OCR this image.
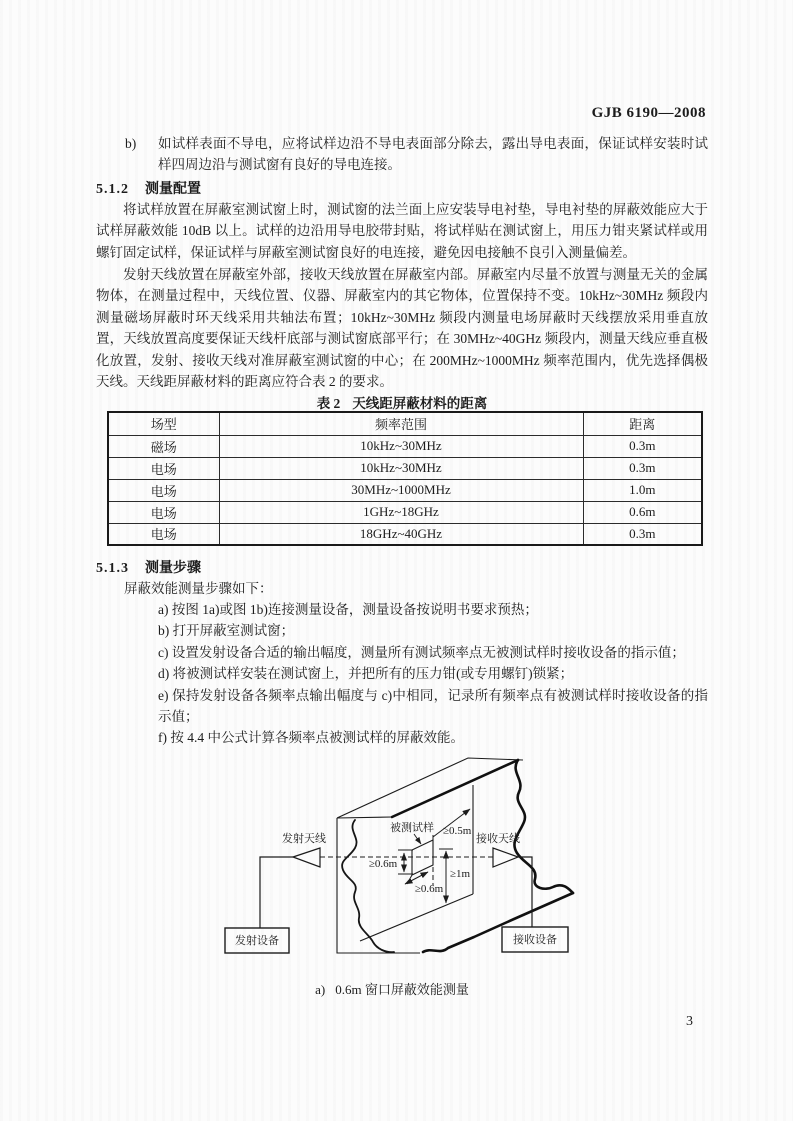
GJB 6190—2008
b) 如试样表面不导电，应将试样边沿不导电表面部分除去，露出导电表面，保证试样安装时试样四周边沿与测试窗有良好的导电连接。
5.1.2 测量配置
将试样放置在屏蔽室测试窗上时，测试窗的法兰面上应安装导电衬垫，导电衬垫的屏蔽效能应大于试样屏蔽效能 10dB 以上。试样的边沿用导电胶带封贴，将试样贴在测试窗上，用压力钳夹紧试样或用螺钉固定试样，保证试样与屏蔽室测试窗良好的电连接，避免因电接触不良引入测量偏差。
发射天线放置在屏蔽室外部，接收天线放置在屏蔽室内部。屏蔽室内尽量不放置与测量无关的金属物体，在测量过程中，天线位置、仪器、屏蔽室内的其它物体，位置保持不变。10kHz~30MHz 频段内测量磁场屏蔽时环天线采用共轴法布置；10kHz~30MHz 频段内测量电场屏蔽时天线摆放采用垂直放置，天线放置高度要保证天线杆底部与测试窗底部平行；在 30MHz~40GHz 频段内，测量天线应垂直极化放置，发射、接收天线对准屏蔽室测试窗的中心；在 200MHz~1000MHz 频率范围内，优先选择偶极天线。天线距屏蔽材料的距离应符合表 2 的要求。
表 2 天线距屏蔽材料的距离
场型	频率范围	距离
磁场	10kHz~30MHz	0.3m
电场	10kHz~30MHz	0.3m
电场	30MHz~1000MHz	1.0m
电场	1GHz~18GHz	0.6m
电场	18GHz~40GHz	0.3m
5.1.3 测量步骤
屏蔽效能测量步骤如下：
a) 按图 1a)或图 1b)连接测量设备，测量设备按说明书要求预热；
b) 打开屏蔽室测试窗；
c) 设置发射设备合适的输出幅度，测量所有测试频率点无被测试样时接收设备的指示值；
d) 将被测试样安装在测试窗上，并把所有的压力钳(或专用螺钉)锁紧；
e) 保持发射设备各频率点输出幅度与 c)中相同，记录所有频率点有被测试样时接收设备的指示值；
f) 按 4.4 中公式计算各频率点被测试样的屏蔽效能。
发射天线	接收天线
被测试样 ≥0.5m
≥0.6m
≥0.6m
≥1m
发射设备	接收设备
a) 0.6m 窗口屏蔽效能测量
3
